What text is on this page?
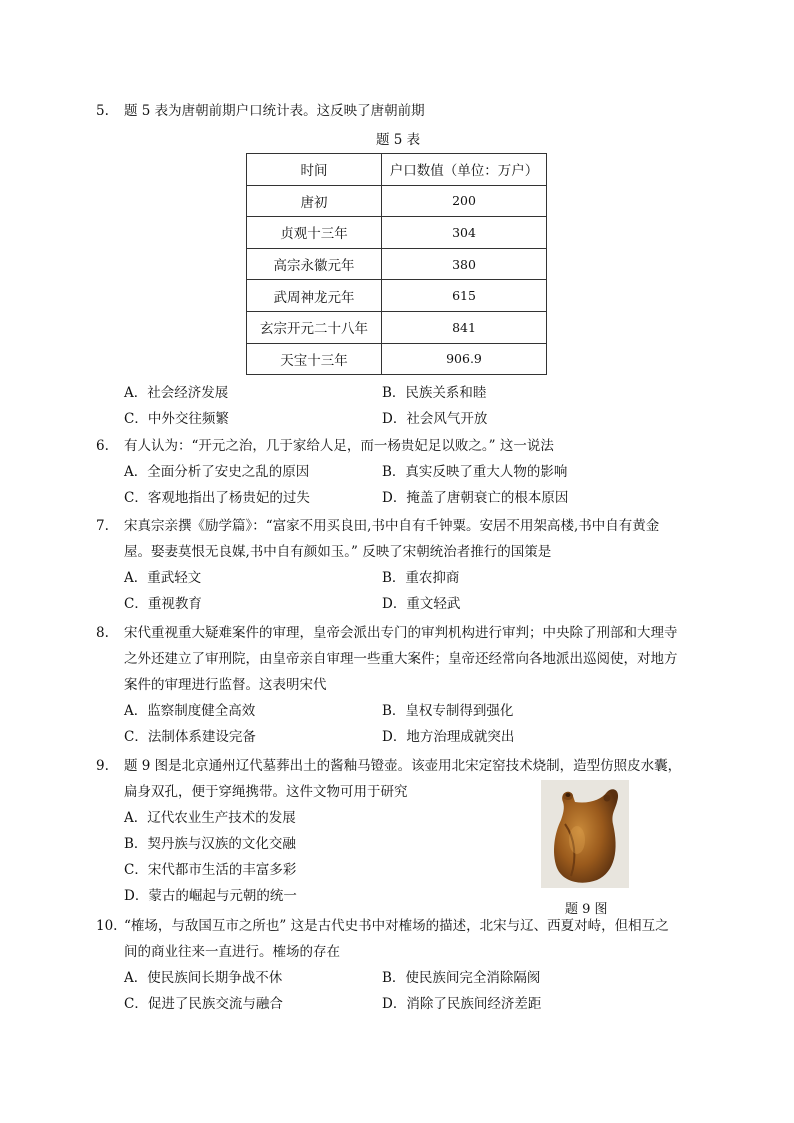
5. 题 5 表为唐朝前期户口统计表。这反映了唐朝前期
题 5 表
时间	户口数值（单位：万户）
唐初	200
贞观十三年	304
高宗永徽元年	380
武周神龙元年	615
玄宗开元二十八年	841
天宝十三年	906.9
A．社会经济发展	B．民族关系和睦
C．中外交往频繁	D．社会风气开放
6. 有人认为：“开元之治，几于家给人足，而一杨贵妃足以败之。” 这一说法
A．全面分析了安史之乱的原因	B．真实反映了重大人物的影响
C．客观地指出了杨贵妃的过失	D．掩盖了唐朝衰亡的根本原因
7. 宋真宗亲撰《励学篇》：“富家不用买良田,书中自有千钟粟。安居不用架高楼,书中自有黄金
屋。娶妻莫恨无良媒,书中自有颜如玉。” 反映了宋朝统治者推行的国策是
A．重武轻文	B．重农抑商
C．重视教育	D．重文轻武
8. 宋代重视重大疑难案件的审理，皇帝会派出专门的审判机构进行审判；中央除了刑部和大理寺
之外还建立了审刑院，由皇帝亲自审理一些重大案件；皇帝还经常向各地派出巡阅使，对地方
案件的审理进行监督。这表明宋代
A．监察制度健全高效	B．皇权专制得到强化
C．法制体系建设完备	D．地方治理成就突出
9. 题 9 图是北京通州辽代墓葬出土的酱釉马镫壶。该壶用北宋定窑技术烧制，造型仿照皮水囊，
扁身双孔，便于穿绳携带。这件文物可用于研究
A．辽代农业生产技术的发展
B．契丹族与汉族的文化交融
C．宋代都市生活的丰富多彩
D．蒙古的崛起与元朝的统一
题 9 图
10. “榷场，与敌国互市之所也” 这是古代史书中对榷场的描述，北宋与辽、西夏对峙，但相互之
间的商业往来一直进行。榷场的存在
A．使民族间长期争战不休	B．使民族间完全消除隔阂
C．促进了民族交流与融合	D．消除了民族间经济差距
